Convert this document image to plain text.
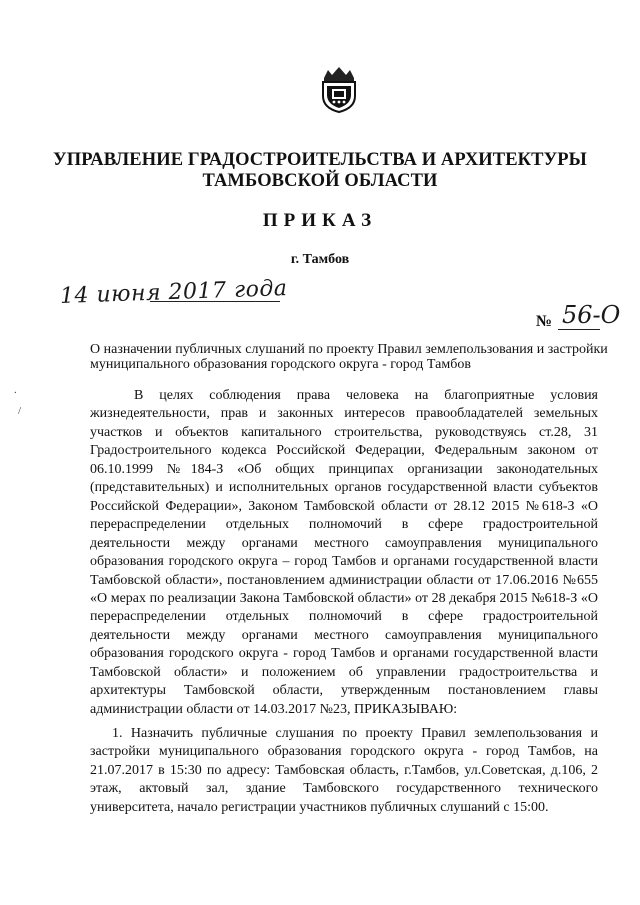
УПРАВЛЕНИЕ ГРАДОСТРОИТЕЛЬСТВА И АРХИТЕКТУРЫ
ТАМБОВСКОЙ ОБЛАСТИ
ПРИКАЗ
г. Тамбов
14 июня 2017 года
№ 56-О
О назначении публичных слушаний по проекту Правил землепользования и застройки муниципального образования городского округа - город Тамбов
В целях соблюдения права человека на благоприятные условия жизнедеятельности, прав и законных интересов правообладателей земельных участков и объектов капитального строительства, руководствуясь ст.28, 31 Градостроительного кодекса Российской Федерации, Федеральным законом от 06.10.1999 №184-З «Об общих принципах организации законодательных (представительных) и исполнительных органов государственной власти субъектов Российской Федерации», Законом Тамбовской области от 28.12 2015 №618-З «О перераспределении отдельных полномочий в сфере градостроительной деятельности между органами местного самоуправления муниципального образования городского округа – город Тамбов и органами государственной власти Тамбовской области», постановлением администрации области от 17.06.2016 №655 «О мерах по реализации Закона Тамбовской области» от 28 декабря 2015 №618-З «О перераспределении отдельных полномочий в сфере градостроительной деятельности между органами местного самоуправления муниципального образования городского округа - город Тамбов и органами государственной власти Тамбовской области» и положением об управлении градостроительства и архитектуры Тамбовской области, утвержденным постановлением главы администрации области от 14.03.2017 №23, ПРИКАЗЫВАЮ:
1. Назначить публичные слушания по проекту Правил землепользования и застройки муниципального образования городского округа - город Тамбов, на 21.07.2017 в 15:30 по адресу: Тамбовская область, г.Тамбов, ул.Советская, д.106, 2 этаж, актовый зал, здание Тамбовского государственного технического университета, начало регистрации участников публичных слушаний с 15:00.
.
/
